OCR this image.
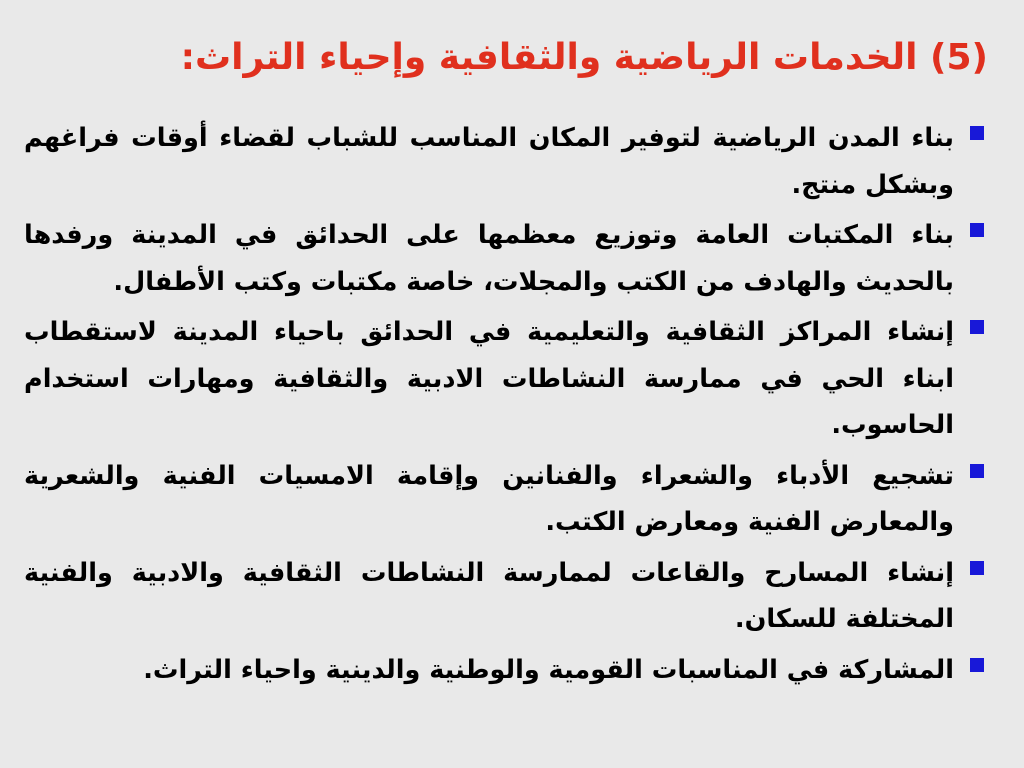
(5) الخدمات الرياضية والثقافية وإحياء التراث:
بناء المدن الرياضية لتوفير المكان المناسب للشباب لقضاء أوقات فراغهم وبشكل منتج.
بناء المكتبات العامة وتوزيع معظمها على الحدائق في المدينة ورفدها بالحديث والهادف من الكتب والمجلات، خاصة مكتبات وكتب الأطفال.
إنشاء المراكز الثقافية والتعليمية في الحدائق باحياء المدينة لاستقطاب ابناء الحي في ممارسة النشاطات الادبية والثقافية ومهارات استخدام الحاسوب.
تشجيع الأدباء والشعراء والفنانين وإقامة الامسيات الفنية والشعرية والمعارض الفنية ومعارض الكتب.
إنشاء المسارح والقاعات لممارسة النشاطات الثقافية والادبية والفنية المختلفة للسكان.
المشاركة في المناسبات القومية والوطنية والدينية واحياء التراث.
